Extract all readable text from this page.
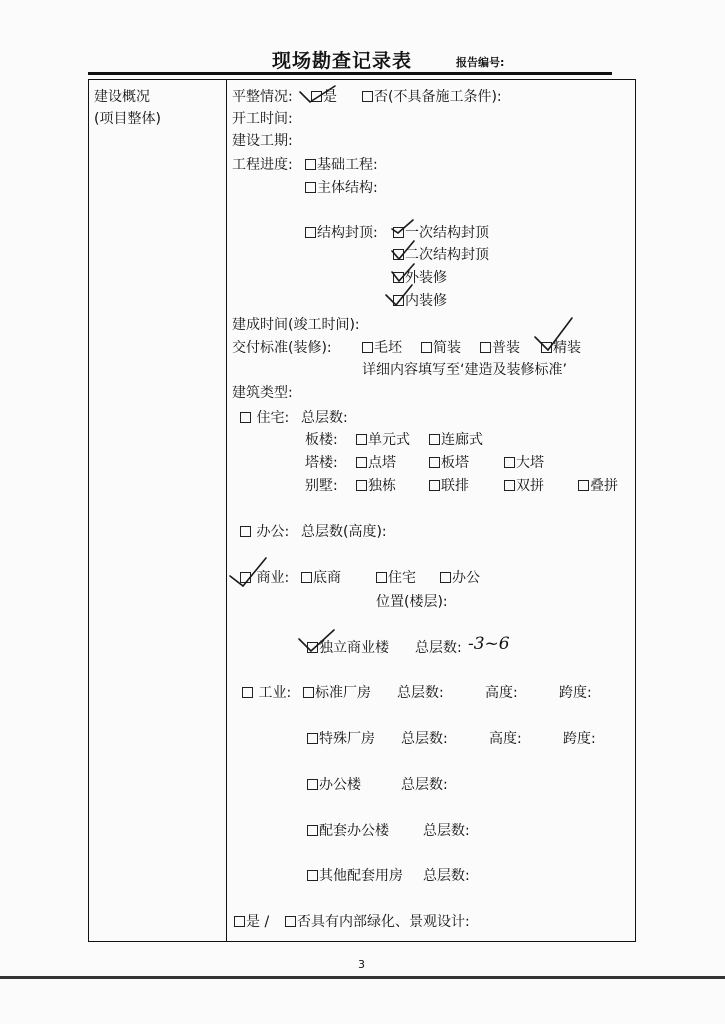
现场勘查记录表	报告编号:
建设概况
(项目整体)
平整情况:	是	否(不具备施工条件):
开工时间:
建设工期:
工程进度:	基础工程:
主体结构:
结构封顶:	一次结构封顶
二次结构封顶
外装修
内装修
建成时间(竣工时间):
交付标准(装修):	毛坯	简装	普装	精装
详细内容填写至‘建造及装修标准’
建筑类型:
住宅: 总层数:
板楼:	单元式	连廊式
塔楼:	点塔	板塔	大塔
别墅:	独栋	联排	双拼	叠拼
办公: 总层数(高度):
商业:	底商	住宅	办公
位置(楼层):
独立商业楼 总层数: -3~6
工业:	标准厂房 总层数:	高度:	跨度:
特殊厂房 总层数:	高度:	跨度:
办公楼	总层数:
配套办公楼 总层数:
其他配套用房 总层数:
是 /	否具有内部绿化、景观设计:
3
